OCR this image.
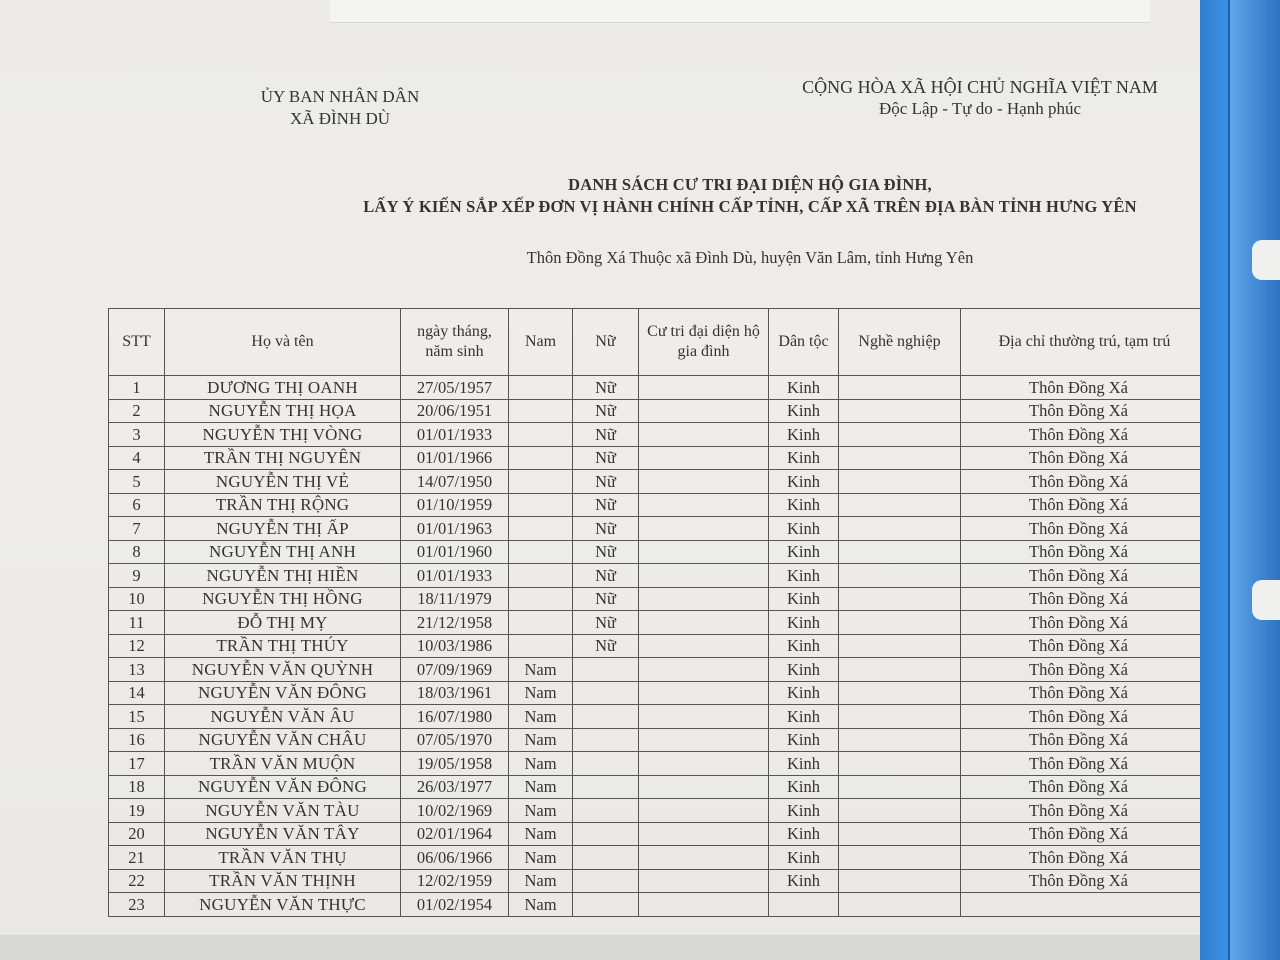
ỦY BAN NHÂN DÂN
XÃ ĐÌNH DÙ
CỘNG HÒA XÃ HỘI CHỦ NGHĨA VIỆT NAM
Độc Lập - Tự do - Hạnh phúc
DANH SÁCH CƯ TRI ĐẠI DIỆN HỘ GIA ĐÌNH,
LẤY Ý KIẾN SẮP XẾP ĐƠN VỊ HÀNH CHÍNH CẤP TỈNH, CẤP XÃ TRÊN ĐỊA BÀN TỈNH HƯNG YÊN
Thôn Đồng Xá Thuộc xã Đình Dù, huyện Văn Lâm, tỉnh Hưng Yên
STT	Họ và tên	ngày tháng, năm sinh	Nam	Nữ	Cư tri đại diện hộ gia đình	Dân tộc	Nghề nghiệp	Địa chỉ thường trú, tạm trú
1	DƯƠNG THỊ OANH	27/05/1957		Nữ		Kinh		Thôn Đồng Xá
2	NGUYỄN THỊ HỌA	20/06/1951		Nữ		Kinh		Thôn Đồng Xá
3	NGUYỄN THỊ VÒNG	01/01/1933		Nữ		Kinh		Thôn Đồng Xá
4	TRẦN THỊ NGUYÊN	01/01/1966		Nữ		Kinh		Thôn Đồng Xá
5	NGUYỄN THỊ VẺ	14/07/1950		Nữ		Kinh		Thôn Đồng Xá
6	TRẦN THỊ RỘNG	01/10/1959		Nữ		Kinh		Thôn Đồng Xá
7	NGUYỄN THỊ ẤP	01/01/1963		Nữ		Kinh		Thôn Đồng Xá
8	NGUYỄN THỊ ANH	01/01/1960		Nữ		Kinh		Thôn Đồng Xá
9	NGUYỄN THỊ HIỀN	01/01/1933		Nữ		Kinh		Thôn Đồng Xá
10	NGUYỄN THỊ HỒNG	18/11/1979		Nữ		Kinh		Thôn Đồng Xá
11	ĐỖ THỊ MỴ	21/12/1958		Nữ		Kinh		Thôn Đồng Xá
12	TRẦN THỊ THÚY	10/03/1986		Nữ		Kinh		Thôn Đồng Xá
13	NGUYỄN VĂN QUỲNH	07/09/1969	Nam			Kinh		Thôn Đồng Xá
14	NGUYỄN VĂN ĐÔNG	18/03/1961	Nam			Kinh		Thôn Đồng Xá
15	NGUYỄN VĂN ÂU	16/07/1980	Nam			Kinh		Thôn Đồng Xá
16	NGUYỄN VĂN CHÂU	07/05/1970	Nam			Kinh		Thôn Đồng Xá
17	TRẦN VĂN MUỘN	19/05/1958	Nam			Kinh		Thôn Đồng Xá
18	NGUYỄN VĂN ĐÔNG	26/03/1977	Nam			Kinh		Thôn Đồng Xá
19	NGUYỄN VĂN TÀU	10/02/1969	Nam			Kinh		Thôn Đồng Xá
20	NGUYỄN VĂN TÂY	02/01/1964	Nam			Kinh		Thôn Đồng Xá
21	TRẦN VĂN THỤ	06/06/1966	Nam			Kinh		Thôn Đồng Xá
22	TRẦN VĂN THỊNH	12/02/1959	Nam			Kinh		Thôn Đồng Xá
23	NGUYỄN VĂN THỰC	01/02/1954	Nam					
